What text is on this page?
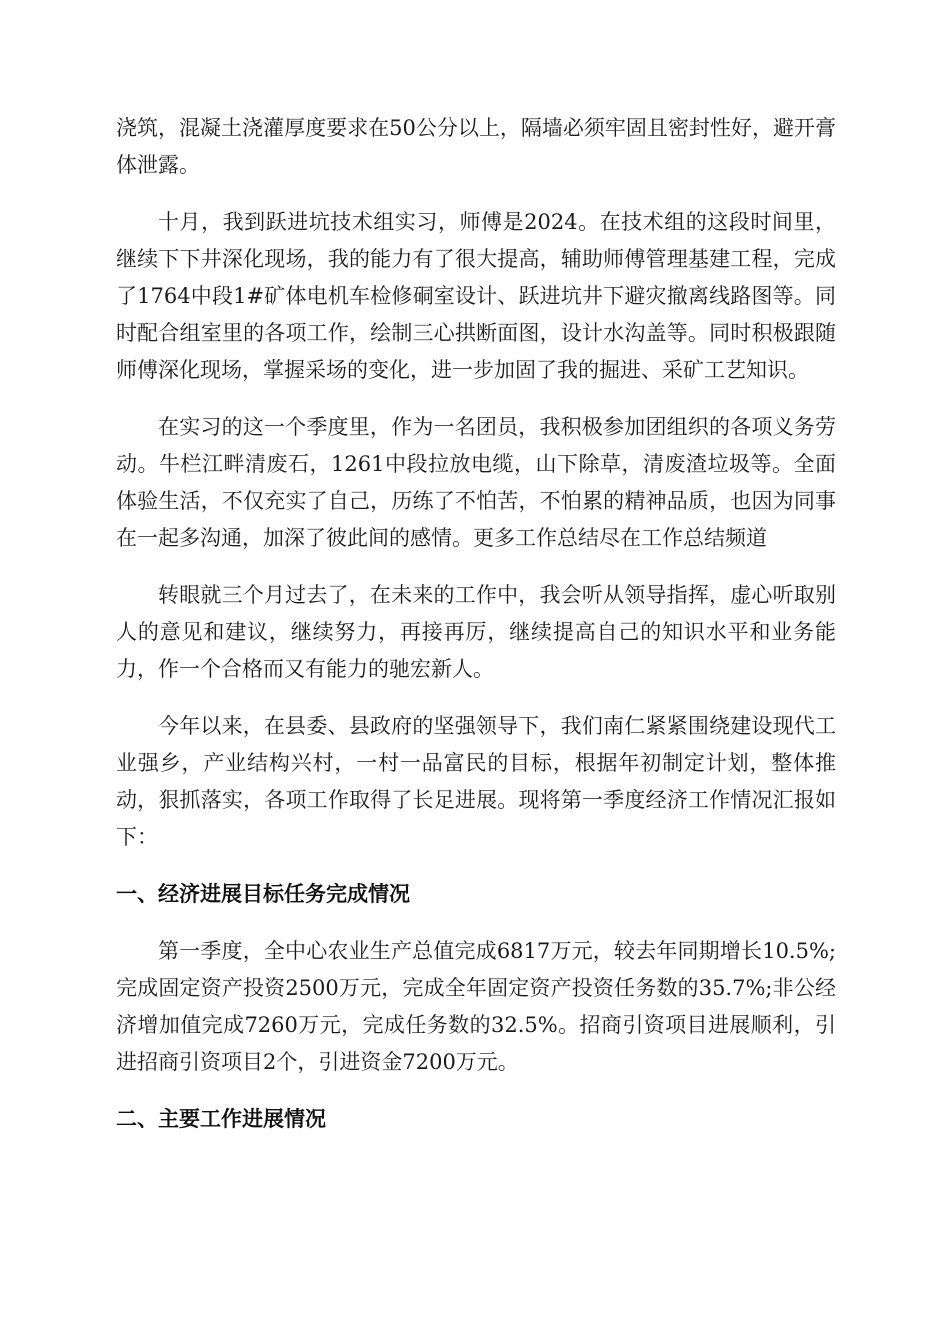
浇筑，混凝土浇灌厚度要求在50公分以上，隔墙必须牢固且密封性好，避开膏体泄露。

十月，我到跃进坑技术组实习，师傅是2024。在技术组的这段时间里，继续下下井深化现场，我的能力有了很大提高，辅助师傅管理基建工程，完成了1764中段1#矿体电机车检修硐室设计、跃进坑井下避灾撤离线路图等。同时配合组室里的各项工作，绘制三心拱断面图，设计水沟盖等。同时积极跟随师傅深化现场，掌握采场的变化，进一步加固了我的掘进、采矿工艺知识。

在实习的这一个季度里，作为一名团员，我积极参加团组织的各项义务劳动。牛栏江畔清废石，1261中段拉放电缆，山下除草，清废渣垃圾等。全面体验生活，不仅充实了自己，历练了不怕苦，不怕累的精神品质，也因为同事在一起多沟通，加深了彼此间的感情。更多工作总结尽在工作总结频道

转眼就三个月过去了，在未来的工作中，我会听从领导指挥，虚心听取别人的意见和建议，继续努力，再接再厉，继续提高自己的知识水平和业务能力，作一个合格而又有能力的驰宏新人。

今年以来，在县委、县政府的坚强领导下，我们南仁紧紧围绕建设现代工业强乡，产业结构兴村，一村一品富民的目标，根据年初制定计划，整体推动，狠抓落实，各项工作取得了长足进展。现将第一季度经济工作情况汇报如下：

一、经济进展目标任务完成情况

第一季度，全中心农业生产总值完成6817万元，较去年同期增长10.5%;完成固定资产投资2500万元，完成全年固定资产投资任务数的35.7%;非公经济增加值完成7260万元，完成任务数的32.5%。招商引资项目进展顺利，引进招商引资项目2个，引进资金7200万元。

二、主要工作进展情况
